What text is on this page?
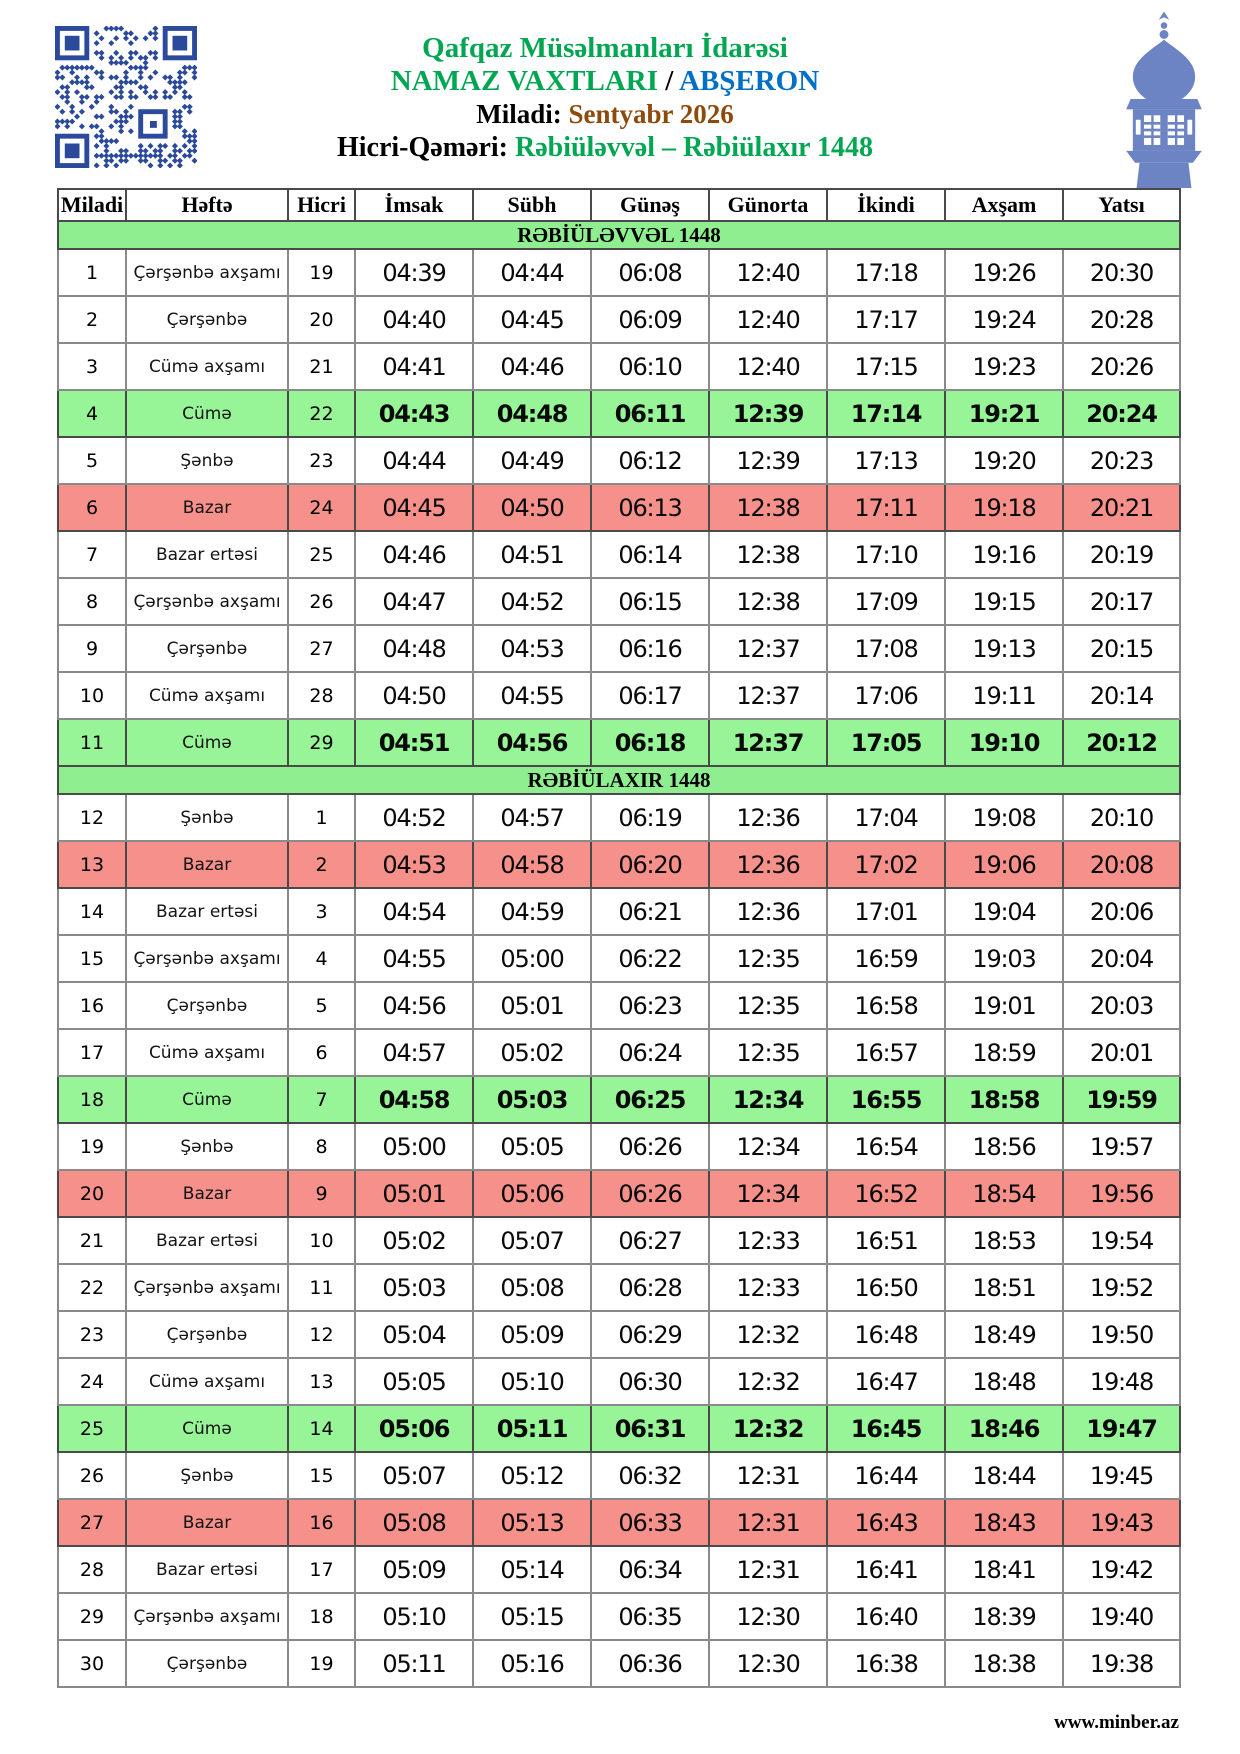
Qafqaz Müsəlmanları İdarəsi
NAMAZ VAXTLARI / ABŞERON
Miladi: Sentyabr 2026
Hicri-Qəməri: Rəbiüləvvəl – Rəbiülaxır 1448
Miladi	Həftə	Hicri	İmsak	Sübh	Günəş	Günorta	İkindi	Axşam	Yatsı
RƏBİÜLƏVVƏL 1448									
1	Çərşənbə axşamı	19	04:39	04:44	06:08	12:40	17:18	19:26	20:30
2	Çərşənbə	20	04:40	04:45	06:09	12:40	17:17	19:24	20:28
3	Cümə axşamı	21	04:41	04:46	06:10	12:40	17:15	19:23	20:26
4	Cümə	22	04:43	04:48	06:11	12:39	17:14	19:21	20:24
5	Şənbə	23	04:44	04:49	06:12	12:39	17:13	19:20	20:23
6	Bazar	24	04:45	04:50	06:13	12:38	17:11	19:18	20:21
7	Bazar ertəsi	25	04:46	04:51	06:14	12:38	17:10	19:16	20:19
8	Çərşənbə axşamı	26	04:47	04:52	06:15	12:38	17:09	19:15	20:17
9	Çərşənbə	27	04:48	04:53	06:16	12:37	17:08	19:13	20:15
10	Cümə axşamı	28	04:50	04:55	06:17	12:37	17:06	19:11	20:14
11	Cümə	29	04:51	04:56	06:18	12:37	17:05	19:10	20:12
RƏBİÜLAXIR 1448									
12	Şənbə	1	04:52	04:57	06:19	12:36	17:04	19:08	20:10
13	Bazar	2	04:53	04:58	06:20	12:36	17:02	19:06	20:08
14	Bazar ertəsi	3	04:54	04:59	06:21	12:36	17:01	19:04	20:06
15	Çərşənbə axşamı	4	04:55	05:00	06:22	12:35	16:59	19:03	20:04
16	Çərşənbə	5	04:56	05:01	06:23	12:35	16:58	19:01	20:03
17	Cümə axşamı	6	04:57	05:02	06:24	12:35	16:57	18:59	20:01
18	Cümə	7	04:58	05:03	06:25	12:34	16:55	18:58	19:59
19	Şənbə	8	05:00	05:05	06:26	12:34	16:54	18:56	19:57
20	Bazar	9	05:01	05:06	06:26	12:34	16:52	18:54	19:56
21	Bazar ertəsi	10	05:02	05:07	06:27	12:33	16:51	18:53	19:54
22	Çərşənbə axşamı	11	05:03	05:08	06:28	12:33	16:50	18:51	19:52
23	Çərşənbə	12	05:04	05:09	06:29	12:32	16:48	18:49	19:50
24	Cümə axşamı	13	05:05	05:10	06:30	12:32	16:47	18:48	19:48
25	Cümə	14	05:06	05:11	06:31	12:32	16:45	18:46	19:47
26	Şənbə	15	05:07	05:12	06:32	12:31	16:44	18:44	19:45
27	Bazar	16	05:08	05:13	06:33	12:31	16:43	18:43	19:43
28	Bazar ertəsi	17	05:09	05:14	06:34	12:31	16:41	18:41	19:42
29	Çərşənbə axşamı	18	05:10	05:15	06:35	12:30	16:40	18:39	19:40
30	Çərşənbə	19	05:11	05:16	06:36	12:30	16:38	18:38	19:38
www.minber.az
